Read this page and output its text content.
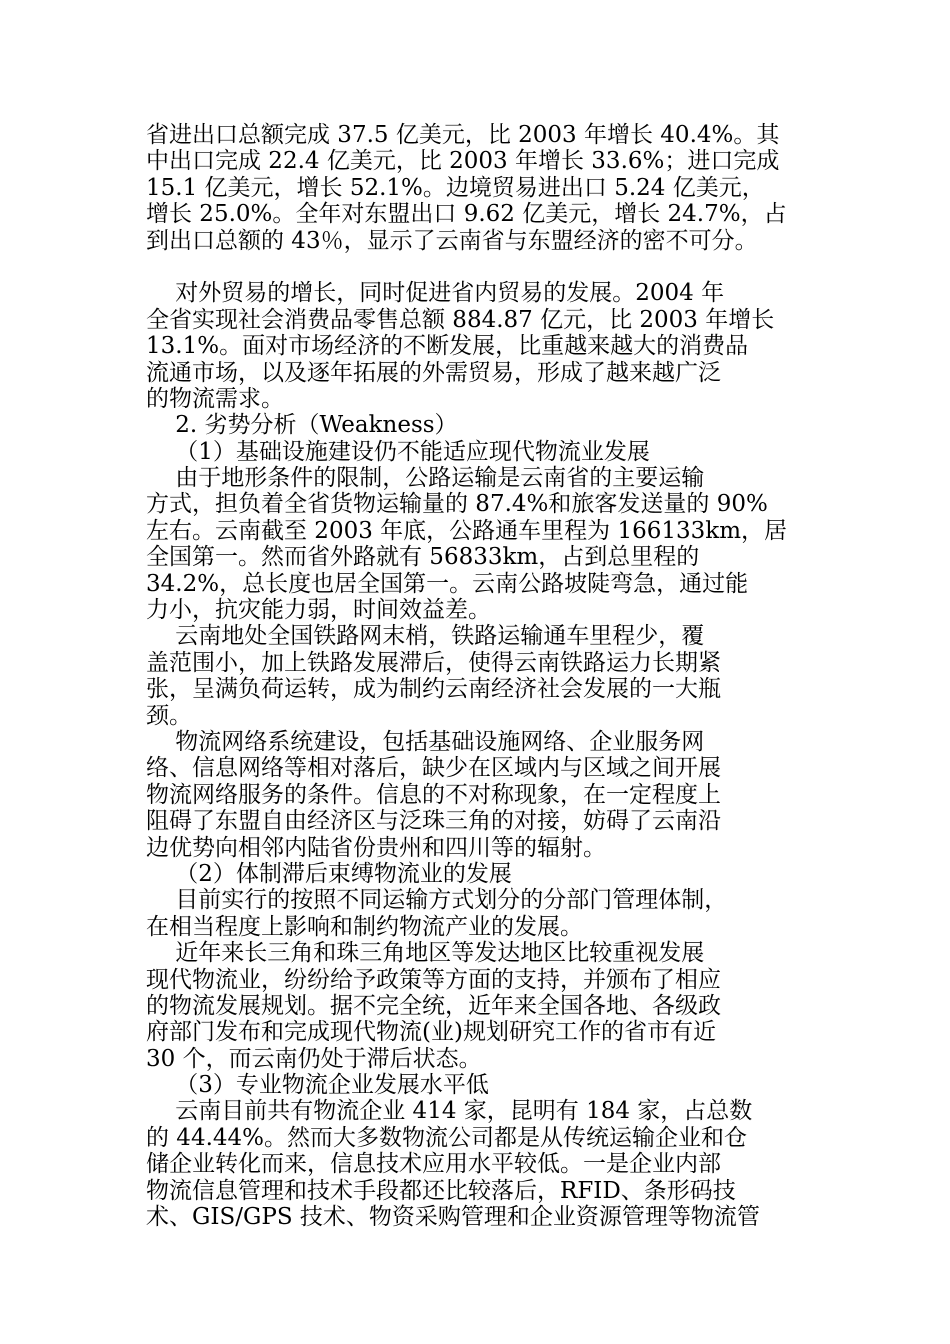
省进出口总额完成 37.5 亿美元，比 2003 年增长 40.4%。其
中出口完成 22.4 亿美元，比 2003 年增长 33.6%；进口完成
15.1 亿美元，增长 52.1%。边境贸易进出口 5.24 亿美元，
增长 25.0%。全年对东盟出口 9.62 亿美元，增长 24.7%，占
到出口总额的 43％，显示了云南省与东盟经济的密不可分。
对外贸易的增长，同时促进省内贸易的发展。2004 年
全省实现社会消费品零售总额 884.87 亿元，比 2003 年增长
13.1%。面对市场经济的不断发展，比重越来越大的消费品
流通市场，以及逐年拓展的外需贸易，形成了越来越广泛
的物流需求。
2. 劣势分析（Weakness）
（1）基础设施建设仍不能适应现代物流业发展
由于地形条件的限制，公路运输是云南省的主要运输
方式，担负着全省货物运输量的 87.4%和旅客发送量的 90%
左右。云南截至 2003 年底，公路通车里程为 166133km，居
全国第一。然而省外路就有 56833km，占到总里程的
34.2%，总长度也居全国第一。云南公路坡陡弯急，通过能
力小，抗灾能力弱，时间效益差。
云南地处全国铁路网末梢，铁路运输通车里程少，覆
盖范围小，加上铁路发展滞后，使得云南铁路运力长期紧
张，呈满负荷运转，成为制约云南经济社会发展的一大瓶
颈。
物流网络系统建设，包括基础设施网络、企业服务网
络、信息网络等相对落后，缺少在区域内与区域之间开展
物流网络服务的条件。信息的不对称现象，在一定程度上
阻碍了东盟自由经济区与泛珠三角的对接，妨碍了云南沿
边优势向相邻内陆省份贵州和四川等的辐射。
（2）体制滞后束缚物流业的发展
目前实行的按照不同运输方式划分的分部门管理体制，
在相当程度上影响和制约物流产业的发展。
近年来长三角和珠三角地区等发达地区比较重视发展
现代物流业，纷纷给予政策等方面的支持，并颁布了相应
的物流发展规划。据不完全统，近年来全国各地、各级政
府部门发布和完成现代物流(业)规划研究工作的省市有近
30 个，而云南仍处于滞后状态。
（3）专业物流企业发展水平低
云南目前共有物流企业 414 家，昆明有 184 家，占总数
的 44.44%。然而大多数物流公司都是从传统运输企业和仓
储企业转化而来，信息技术应用水平较低。一是企业内部
物流信息管理和技术手段都还比较落后，RFID、条形码技
术、GIS/GPS 技术、物资采购管理和企业资源管理等物流管
